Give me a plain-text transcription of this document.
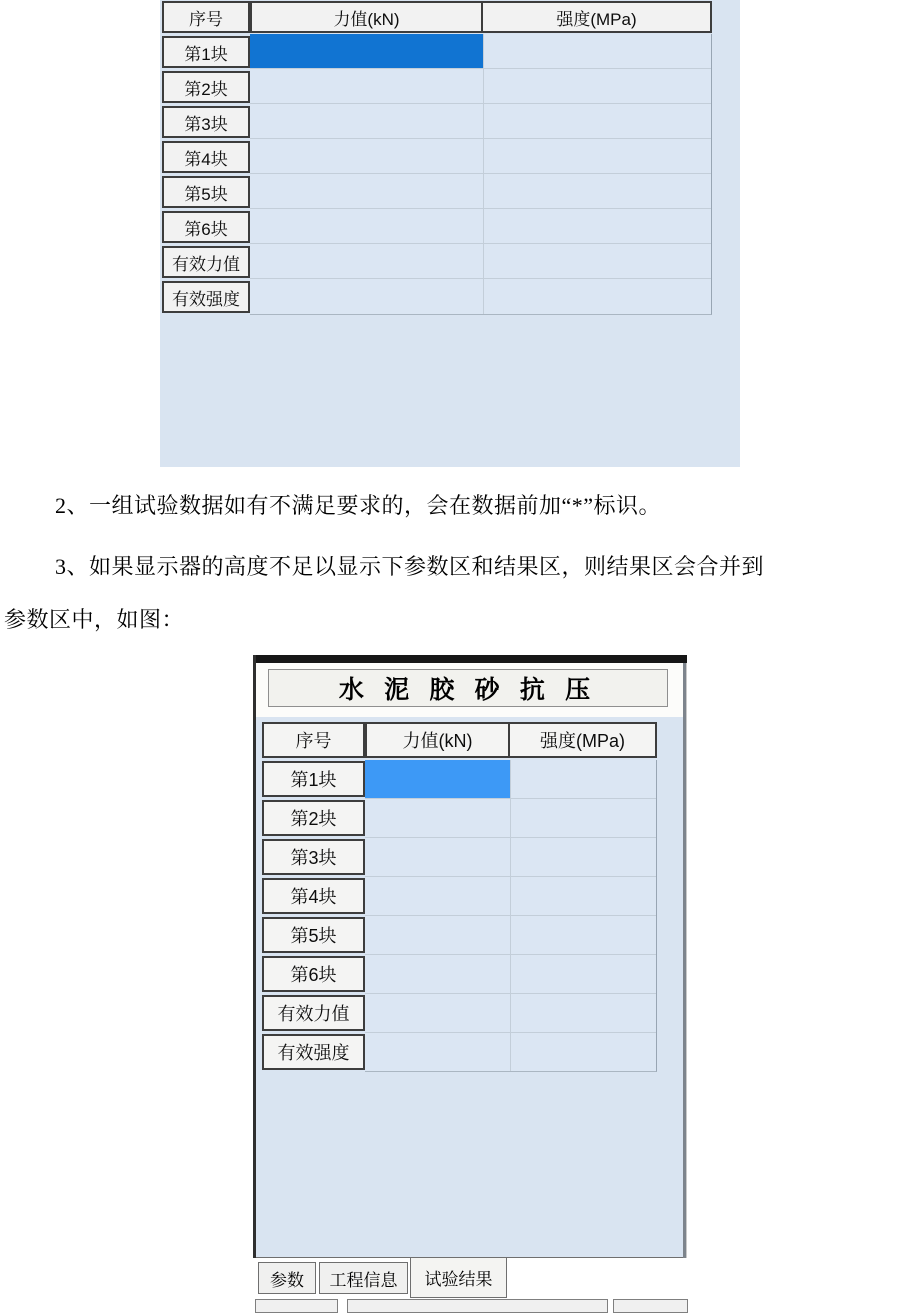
序号	力值(kN)	强度(MPa)
第1块
第2块
第3块
第4块
第5块
第6块
有效力值
有效强度
2、一组试验数据如有不满足要求的，会在数据前加“*”标识。
3、如果显示器的高度不足以显示下参数区和结果区，则结果区会合并到
参数区中，如图：
水 泥 胶 砂 抗 压
序号	力值(kN)	强度(MPa)
第1块
第2块
第3块
第4块
第5块
第6块
有效力值
有效强度
参数	工程信息	试验结果
